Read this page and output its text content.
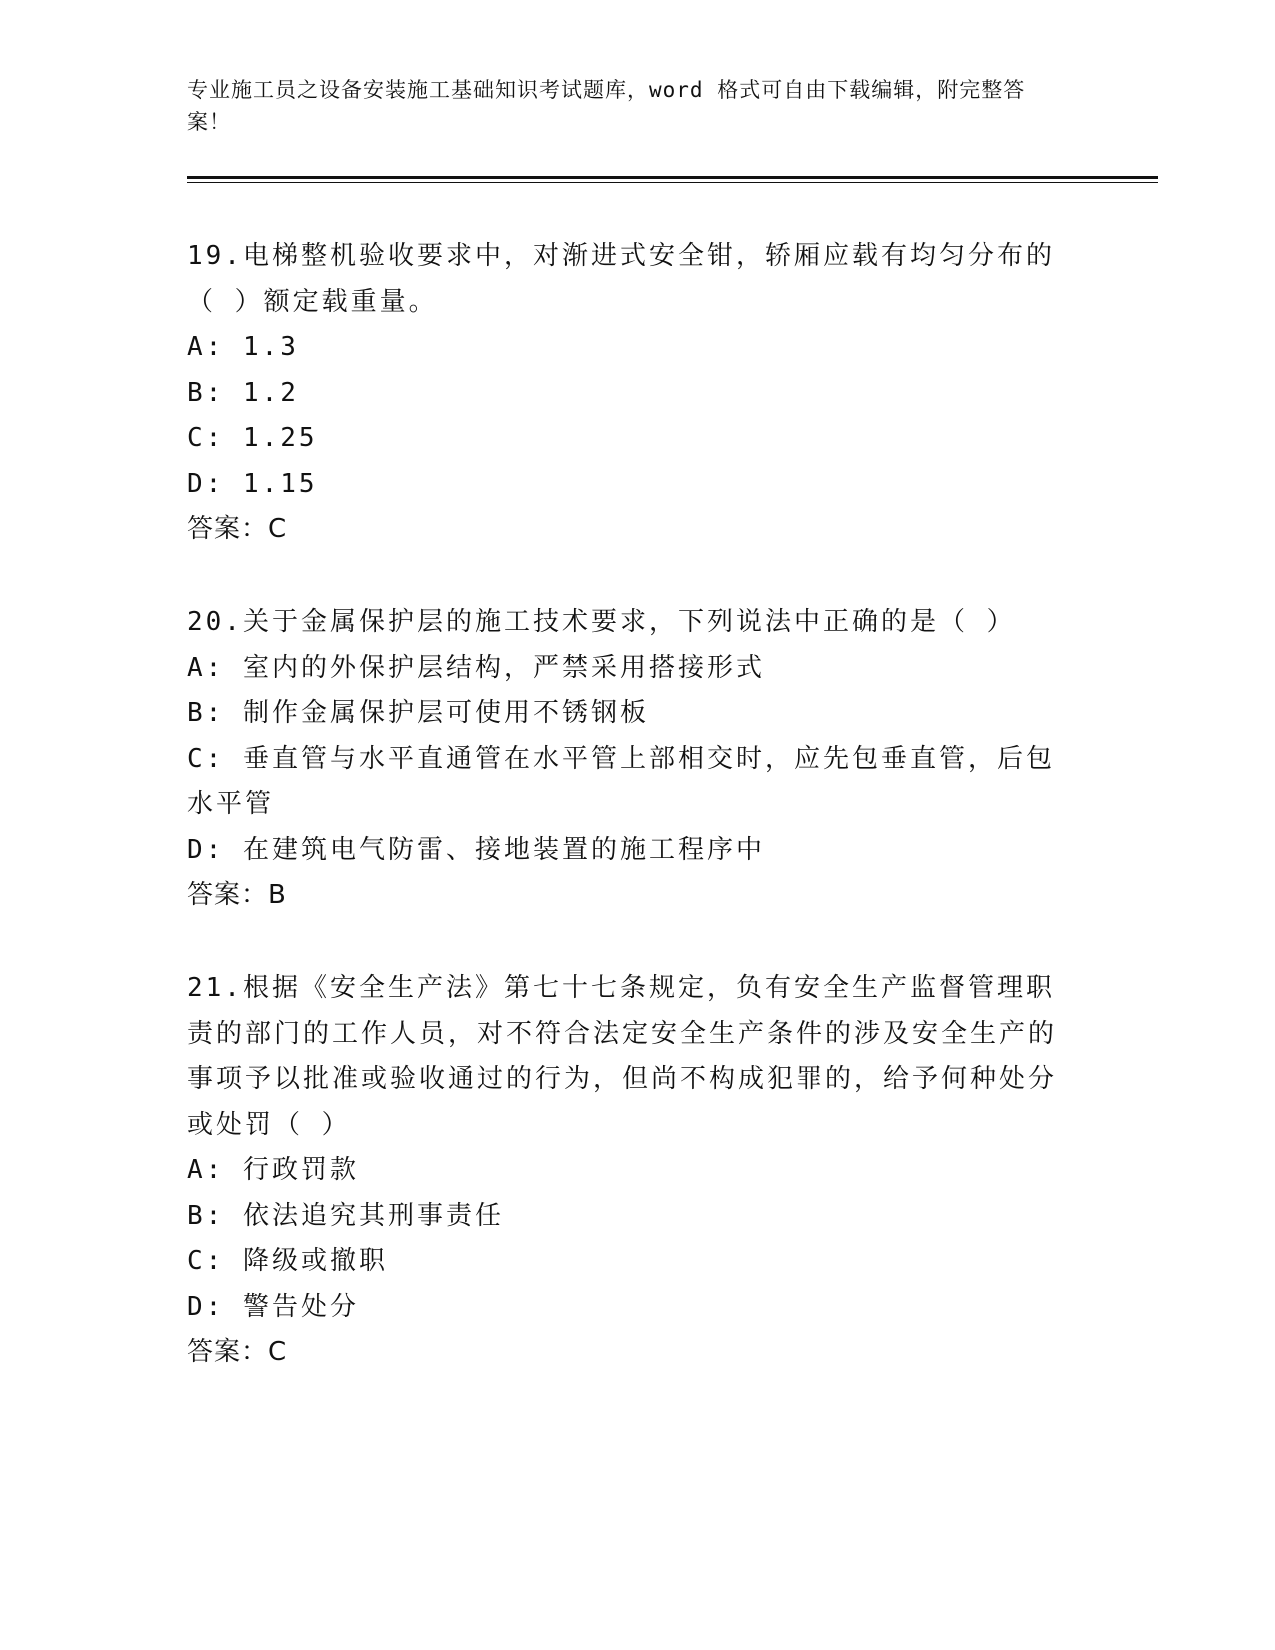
专业施工员之设备安装施工基础知识考试题库，word 格式可自由下载编辑，附完整答案！

19.电梯整机验收要求中，对渐进式安全钳，轿厢应载有均匀分布的（ ）额定载重量。

A: 1.3

B: 1.2

C: 1.25

D: 1.15

答案：C

20.关于金属保护层的施工技术要求，下列说法中正确的是（ ）

A: 室内的外保护层结构，严禁采用搭接形式

B: 制作金属保护层可使用不锈钢板

C: 垂直管与水平直通管在水平管上部相交时，应先包垂直管，后包水平管

D: 在建筑电气防雷、接地装置的施工程序中

答案：B

21.根据《安全生产法》第七十七条规定，负有安全生产监督管理职责的部门的工作人员，对不符合法定安全生产条件的涉及安全生产的事项予以批准或验收通过的行为，但尚不构成犯罪的，给予何种处分或处罚（ ）

A: 行政罚款

B: 依法追究其刑事责任

C: 降级或撤职

D: 警告处分

答案：C
